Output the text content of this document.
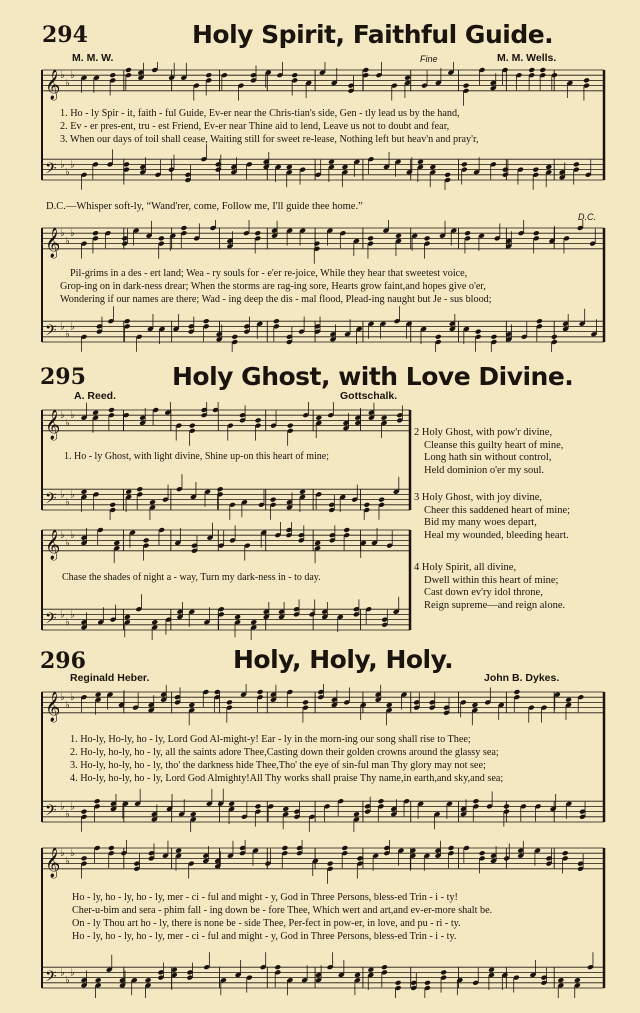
294	Holy Spirit, Faithful Guide.
M. M. W.	Fine	M. M. Wells.
𝄞 ♭
♭
♭
𝄢 ♭
♭
♭
1. Ho - ly Spir - it, faith - ful Guide, Ev-er near the Chris-tian's side, Gen - tly lead us by the hand,
2. Ev - er pres-ent, tru - est Friend, Ev-er near Thine aid to lend, Leave us not to doubt and fear,
3. When our days of toil shall cease, Waiting still for sweet re-lease, Nothing left but heav'n and pray'r,
D.C.—Whisper soft-ly, “Wand'rer, come, Follow me, I'll guide thee home.”
D.C.
𝄞 ♭
♭
♭
𝄢 ♭
♭
♭
Pil-grims in a des - ert land; Wea - ry souls for - e'er re-joice, While they hear that sweetest voice,
Grop-ing on in dark-ness drear; When the storms are rag-ing sore, Hearts grow faint,and hopes give o'er,
Wondering if our names are there; Wad - ing deep the dis - mal flood, Plead-ing naught but Je - sus blood;
295	Holy Ghost, with Love Divine.
A. Reed.	Gottschalk.
𝄞 ♭
♭
♭
𝄢 ♭
♭
♭
1. Ho - ly Ghost, with light divine, Shine up-on this heart of mine;
𝄞 ♭
♭
♭
𝄢 ♭
♭
♭
Chase the shades of night a - way, Turn my dark-ness in - to day.
2 Holy Ghost, with pow'r divine,
Cleanse this guilty heart of mine,
Long hath sin without control,
Held dominion o'er my soul.
3 Holy Ghost, with joy divine,
Cheer this saddened heart of mine;
Bid my many woes depart,
Heal my wounded, bleeding heart.
4 Holy Spirit, all divine,
Dwell within this heart of mine;
Cast down ev'ry idol throne,
Reign supreme—and reign alone.
296	Holy, Holy, Holy.
Reginald Heber.	John B. Dykes.
𝄞 ♭
♭
♭
𝄢 ♭
♭
♭
1. Ho-ly, Ho-ly, ho - ly, Lord God Al-might-y! Ear - ly in the morn-ing our song shall rise to Thee;
2. Ho-ly, ho-ly, ho - ly, all the saints adore Thee,Casting down their golden crowns around the glassy sea;
3. Ho-ly, ho-ly, ho - ly, tho' the darkness hide Thee,Tho' the eye of sin-ful man Thy glory may not see;
4. Ho-ly, ho-ly, ho - ly, Lord God Almighty!All Thy works shall praise Thy name,in earth,and sky,and sea;
𝄞 ♭
♭
♭
𝄢 ♭
♭
♭
Ho - ly, ho - ly, ho - ly, mer - ci - ful and might - y, God in Three Persons, bless-ed Trin - i - ty!
Cher-u-bim and sera - phim fall - ing down be - fore Thee, Which wert and art,and ev-er-more shalt be.
On - ly Thou art ho - ly, there is none be - side Thee, Per-fect in pow-er, in love, and pu - ri - ty.
Ho - ly, ho - ly, ho - ly, mer - ci - ful and might - y, God in Three Persons, bless-ed Trin - i - ty.
